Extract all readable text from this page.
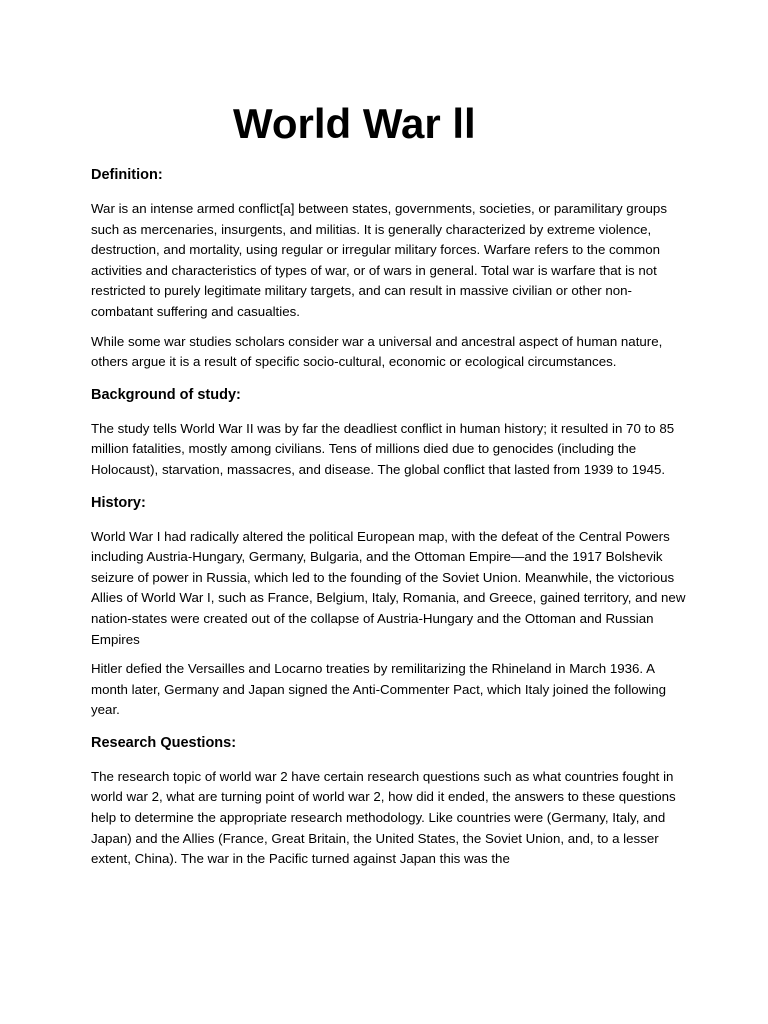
World War ll
Definition:

War is an intense armed conflict[a] between states, governments, societies, or paramilitary groups such as mercenaries, insurgents, and militias. It is generally characterized by extreme violence, destruction, and mortality, using regular or irregular military forces. Warfare refers to the common activities and characteristics of types of war, or of wars in general. Total war is warfare that is not restricted to purely legitimate military targets, and can result in massive civilian or other non-combatant suffering and casualties.

While some war studies scholars consider war a universal and ancestral aspect of human nature, others argue it is a result of specific socio-cultural, economic or ecological circumstances.

Background of study:

The study tells World War II was by far the deadliest conflict in human history; it resulted in 70 to 85 million fatalities, mostly among civilians. Tens of millions died due to genocides (including the Holocaust), starvation, massacres, and disease. The global conflict that lasted from 1939 to 1945.

History:

World War I had radically altered the political European map, with the defeat of the Central Powers including Austria-Hungary, Germany, Bulgaria, and the Ottoman Empire—and the 1917 Bolshevik seizure of power in Russia, which led to the founding of the Soviet Union. Meanwhile, the victorious Allies of World War I, such as France, Belgium, Italy, Romania, and Greece, gained territory, and new nation-states were created out of the collapse of Austria-Hungary and the Ottoman and Russian Empires

Hitler defied the Versailles and Locarno treaties by remilitarizing the Rhineland in March 1936. A month later, Germany and Japan signed the Anti-Commenter Pact, which Italy joined the following year.

Research Questions:

The research topic of world war 2 have certain research questions such as what countries fought in world war 2, what are turning point of world war 2, how did it ended, the answers to these questions help to determine the appropriate research methodology. Like countries were (Germany, Italy, and Japan) and the Allies (France, Great Britain, the United States, the Soviet Union, and, to a lesser extent, China). The war in the Pacific turned against Japan this was the
